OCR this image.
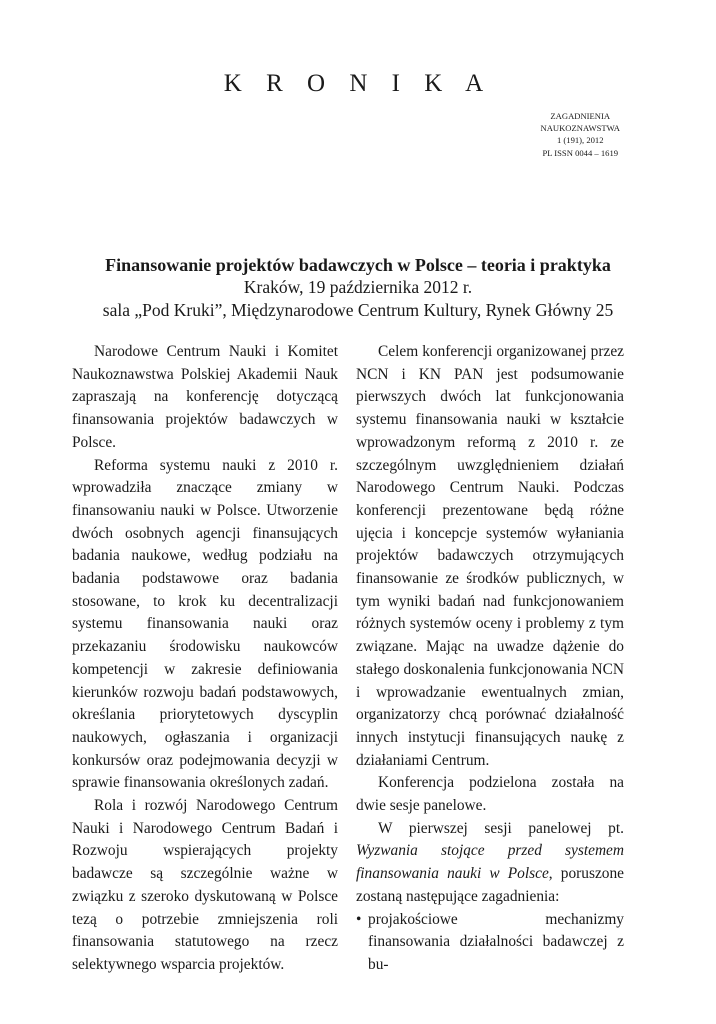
K R O N I K A
ZAGADNIENIA
NAUKOZNAWSTWA
1 (191), 2012
PL ISSN 0044 – 1619
Finansowanie projektów badawczych w Polsce – teoria i praktyka
Kraków, 19 października 2012 r.
sala „Pod Kruki”, Międzynarodowe Centrum Kultury, Rynek Główny 25

Narodowe Centrum Nauki i Komitet Naukoznawstwa Polskiej Akademii Nauk zapraszają na konferencję dotyczącą finansowania projektów badawczych w Polsce.

Reforma systemu nauki z 2010 r. wprowadziła znaczące zmiany w finansowaniu nauki w Polsce. Utworzenie dwóch osobnych agencji finansujących badania naukowe, według podziału na badania podstawowe oraz badania stosowane, to krok ku decentralizacji systemu finansowania nauki oraz przekazaniu środowisku naukowców kompetencji w zakresie definiowania kierunków rozwoju badań podstawowych, określania priorytetowych dyscyplin naukowych, ogłaszania i organizacji konkursów oraz podejmowania decyzji w sprawie finansowania określonych zadań.

Rola i rozwój Narodowego Centrum Nauki i Narodowego Centrum Badań i Rozwoju wspierających projekty badawcze są szczególnie ważne w związku z szeroko dyskutowaną w Polsce tezą o potrzebie zmniejszenia roli finansowania statutowego na rzecz selektywnego wsparcia projektów.

Celem konferencji organizowanej przez NCN i KN PAN jest podsumowanie pierwszych dwóch lat funkcjonowania systemu finansowania nauki w kształcie wprowadzonym reformą z 2010 r. ze szczególnym uwzględnieniem działań Narodowego Centrum Nauki. Podczas konferencji prezentowane będą różne ujęcia i koncepcje systemów wyłaniania projektów badawczych otrzymujących finansowanie ze środków publicznych, w tym wyniki badań nad funkcjonowaniem różnych systemów oceny i problemy z tym związane. Mając na uwadze dążenie do stałego doskonalenia funkcjonowania NCN i wprowadzanie ewentualnych zmian, organizatorzy chcą porównać działalność innych instytucji finansujących naukę z działaniami Centrum.

Konferencja podzielona została na dwie sesje panelowe.

W pierwszej sesji panelowej pt. Wyzwania stojące przed systemem finansowania nauki w Polsce, poruszone zostaną następujące zagadnienia:

• projakościowe mechanizmy finansowania działalności badawczej z bu-
